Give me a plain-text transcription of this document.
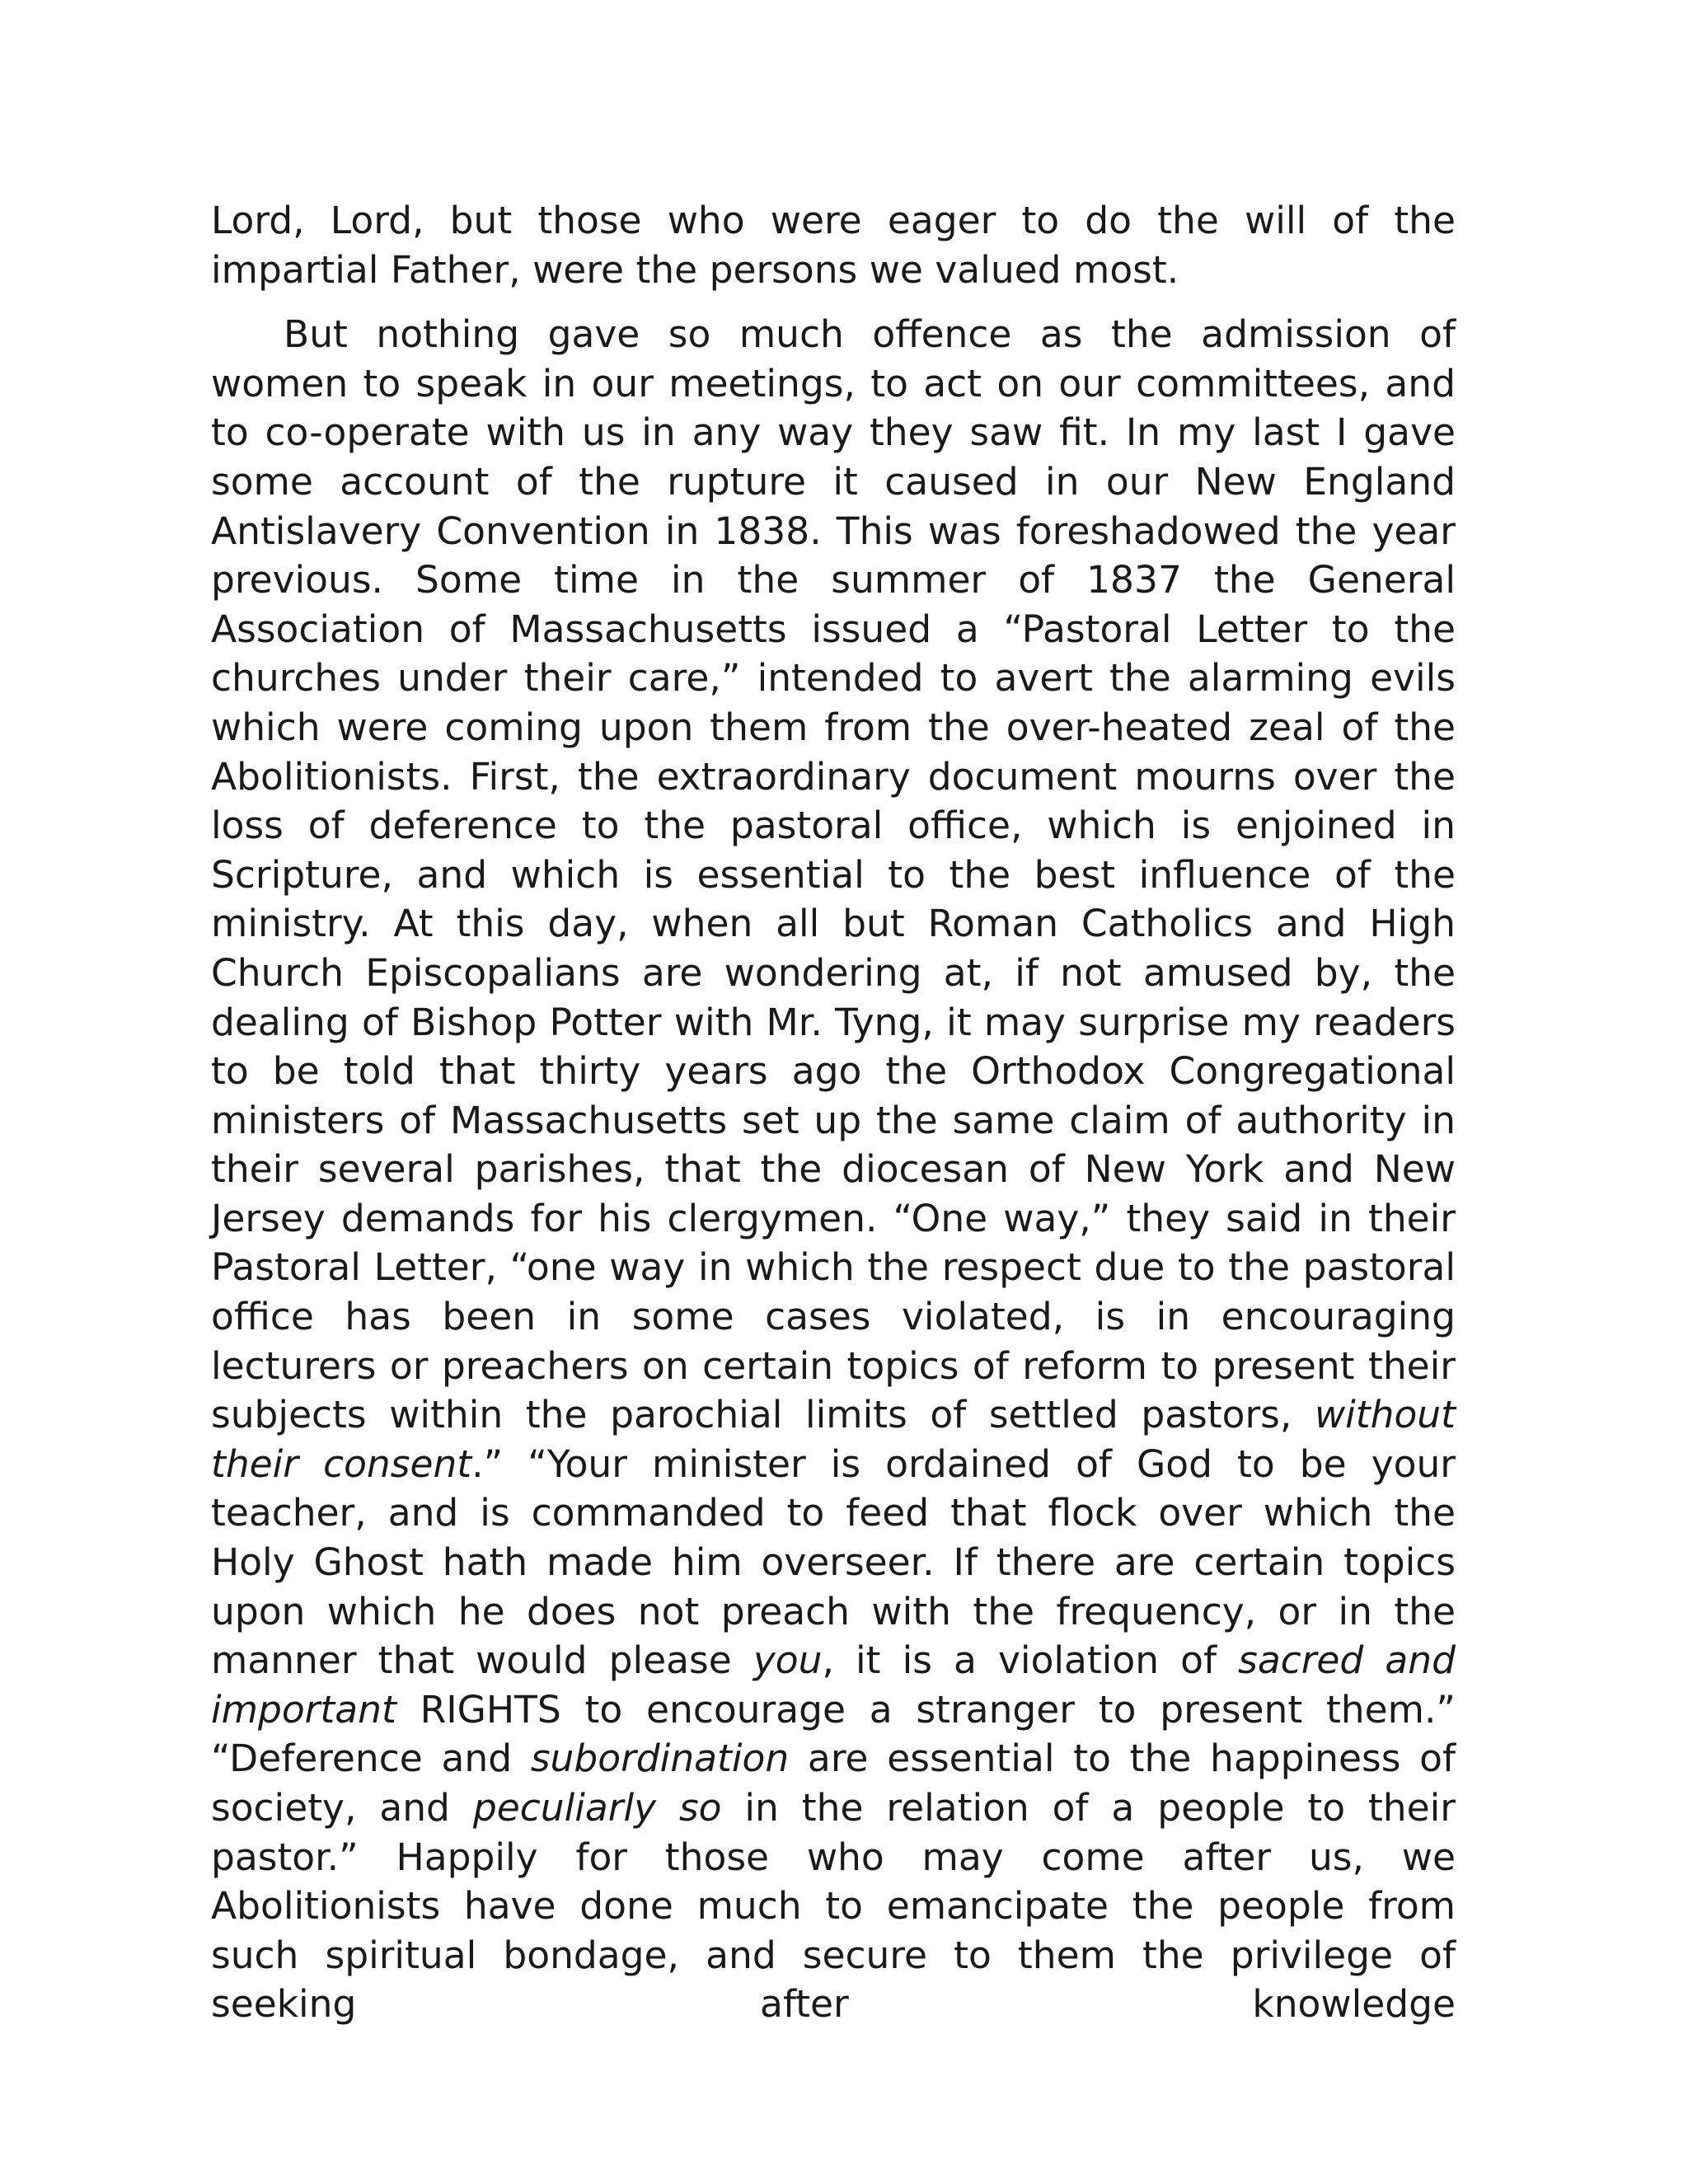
Lord, Lord, but those who were eager to do the will of the impartial Father, were the persons we valued most.

But nothing gave so much offence as the admission of women to speak in our meetings, to act on our committees, and to co-operate with us in any way they saw fit. In my last I gave some account of the rupture it caused in our New England Antislavery Convention in 1838. This was foreshadowed the year previous. Some time in the summer of 1837 the General Association of Massachusetts issued a “Pastoral Letter to the churches under their care,” intended to avert the alarming evils which were coming upon them from the over-heated zeal of the Abolitionists. First, the extraordinary document mourns over the loss of deference to the pastoral office, which is enjoined in Scripture, and which is essential to the best influence of the ministry. At this day, when all but Roman Catholics and High Church Episcopalians are wondering at, if not amused by, the dealing of Bishop Potter with Mr. Tyng, it may surprise my readers to be told that thirty years ago the Orthodox Congregational ministers of Massachusetts set up the same claim of authority in their several parishes, that the diocesan of New York and New Jersey demands for his clergymen. “One way,” they said in their Pastoral Letter, “one way in which the respect due to the pastoral office has been in some cases violated, is in encouraging lecturers or preachers on certain topics of reform to present their subjects within the parochial limits of settled pastors, without their consent.” “Your minister is ordained of God to be your teacher, and is commanded to feed that flock over which the Holy Ghost hath made him overseer. If there are certain topics upon which he does not preach with the frequency, or in the manner that would please you, it is a violation of sacred and important RIGHTS to encourage a stranger to present them.” “Deference and subordination are essential to the happiness of society, and peculiarly so in the relation of a people to their pastor.” Happily for those who may come after us, we Abolitionists have done much to emancipate the people from such spiritual bondage, and secure to them the privilege of seeking after knowledge
